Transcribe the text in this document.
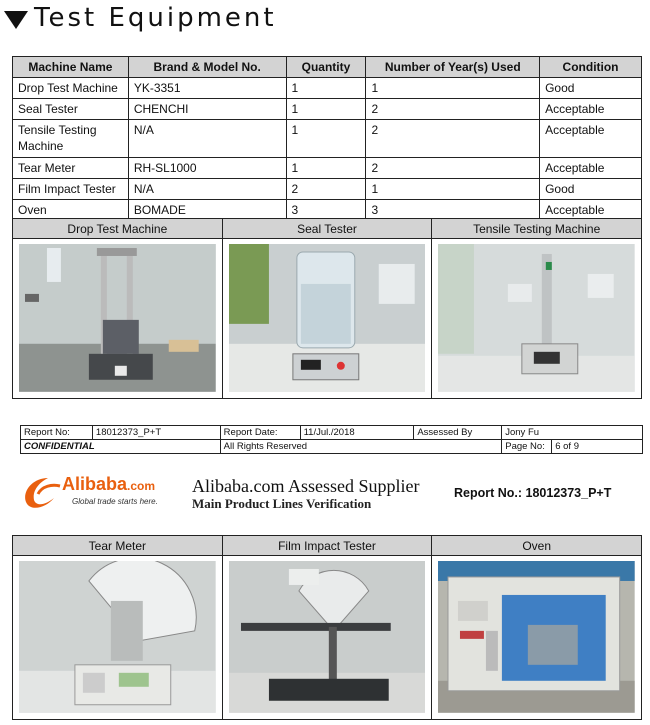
Test Equipment
Machine Name	Brand & Model No.	Quantity	Number of Year(s) Used	Condition
Drop Test Machine	YK-3351	1	1	Good
Seal Tester	CHENCHI	1	2	Acceptable
Tensile Testing Machine	N/A	1	2	Acceptable
Tear Meter	RH-SL1000	1	2	Acceptable
Film Impact Tester	N/A	2	1	Good
Oven	BOMADE	3	3	Acceptable
Drop Test Machine	Seal Tester	Tensile Testing Machine
Report No:	18012373_P+T	Report Date:	11/Jul./2018	Assessed By	Jony Fu	
CONFIDENTIAL		All Rights Reserved			Page No:	6 of 9
Alibaba.com
Global trade starts here.
Alibaba.com Assessed Supplier
Main Product Lines Verification
Report No.: 18012373_P+T
Tear Meter	Film Impact Tester	Oven
